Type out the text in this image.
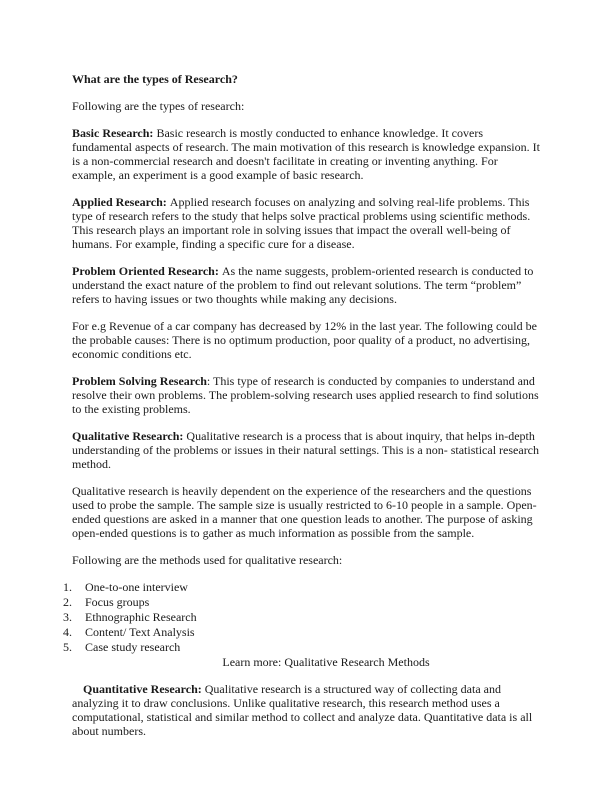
What are the types of Research?

Following are the types of research:

Basic Research: Basic research is mostly conducted to enhance knowledge. It covers fundamental aspects of research. The main motivation of this research is knowledge expansion. It is a non-commercial research and doesn't facilitate in creating or inventing anything. For example, an experiment is a good example of basic research.

Applied Research: Applied research focuses on analyzing and solving real-life problems. This type of research refers to the study that helps solve practical problems using scientific methods. This research plays an important role in solving issues that impact the overall well-being of humans. For example, finding a specific cure for a disease.

Problem Oriented Research: As the name suggests, problem-oriented research is conducted to understand the exact nature of the problem to find out relevant solutions. The term “problem” refers to having issues or two thoughts while making any decisions.

For e.g Revenue of a car company has decreased by 12% in the last year. The following could be the probable causes: There is no optimum production, poor quality of a product, no advertising, economic conditions etc.

Problem Solving Research: This type of research is conducted by companies to understand and resolve their own problems. The problem-solving research uses applied research to find solutions to the existing problems.

Qualitative Research: Qualitative research is a process that is about inquiry, that helps in-depth understanding of the problems or issues in their natural settings. This is a non- statistical research method.

Qualitative research is heavily dependent on the experience of the researchers and the questions used to probe the sample. The sample size is usually restricted to 6-10 people in a sample. Open-ended questions are asked in a manner that one question leads to another. The purpose of asking open-ended questions is to gather as much information as possible from the sample.

Following are the methods used for qualitative research:

1.	One-to-one interview
2.	Focus groups
3.	Ethnographic Research
4.	Content/ Text Analysis
5.	Case study research

Learn more: Qualitative Research Methods

Quantitative Research: Qualitative research is a structured way of collecting data and analyzing it to draw conclusions. Unlike qualitative research, this research method uses a computational, statistical and similar method to collect and analyze data. Quantitative data is all about numbers.
